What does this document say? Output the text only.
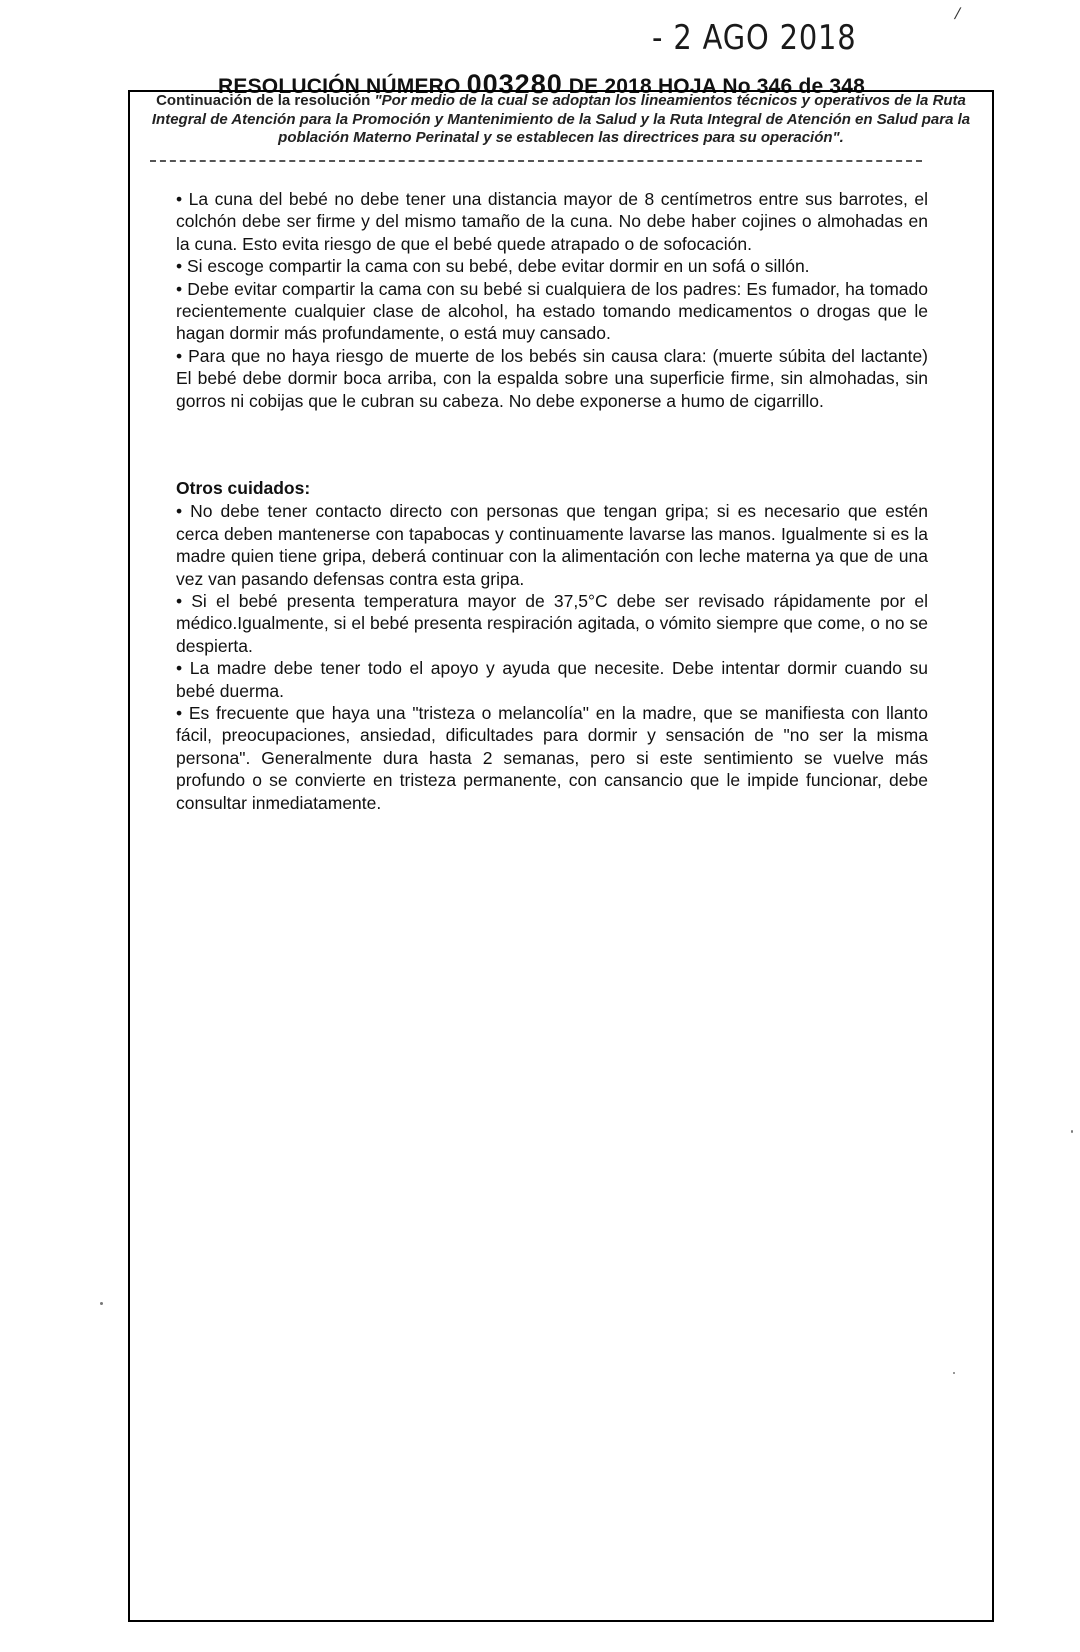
- 2 AGO 2018
/
RESOLUCIÓN NÚMERO 003280 DE 2018 HOJA No 346 de 348
Continuación de la resolución "Por medio de la cual se adoptan los lineamientos técnicos y operativos de la Ruta Integral de Atención para la Promoción y Mantenimiento de la Salud y la Ruta Integral de Atención en Salud para la población Materno Perinatal y se establecen las directrices para su operación".

• La cuna del bebé no debe tener una distancia mayor de 8 centímetros entre sus barrotes, el colchón debe ser firme y del mismo tamaño de la cuna. No debe haber cojines o almohadas en la cuna. Esto evita riesgo de que el bebé quede atrapado o de sofocación.

• Si escoge compartir la cama con su bebé, debe evitar dormir en un sofá o sillón.

• Debe evitar compartir la cama con su bebé si cualquiera de los padres: Es fumador, ha tomado recientemente cualquier clase de alcohol, ha estado tomando medicamentos o drogas que le hagan dormir más profundamente, o está muy cansado.

• Para que no haya riesgo de muerte de los bebés sin causa clara: (muerte súbita del lactante) El bebé debe dormir boca arriba, con la espalda sobre una superficie firme, sin almohadas, sin gorros ni cobijas que le cubran su cabeza. No debe exponerse a humo de cigarrillo.

Otros cuidados:

• No debe tener contacto directo con personas que tengan gripa; si es necesario que estén cerca deben mantenerse con tapabocas y continuamente lavarse las manos. Igualmente si es la madre quien tiene gripa, deberá continuar con la alimentación con leche materna ya que de una vez van pasando defensas contra esta gripa.

• Si el bebé presenta temperatura mayor de 37,5°C debe ser revisado rápidamente por el médico.Igualmente, si el bebé presenta respiración agitada, o vómito siempre que come, o no se despierta.

• La madre debe tener todo el apoyo y ayuda que necesite. Debe intentar dormir cuando su bebé duerma.

• Es frecuente que haya una "tristeza o melancolía" en la madre, que se manifiesta con llanto fácil, preocupaciones, ansiedad, dificultades para dormir y sensación de "no ser la misma persona". Generalmente dura hasta 2 semanas, pero si este sentimiento se vuelve más profundo o se convierte en tristeza permanente, con cansancio que le impide funcionar, debe consultar inmediatamente.
